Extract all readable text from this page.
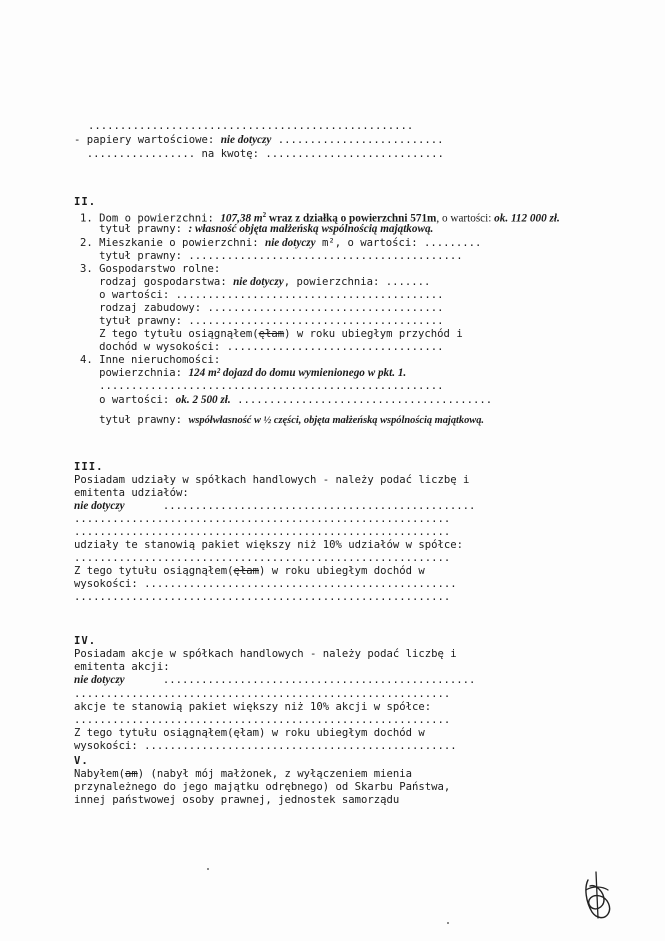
...................................................
- papiery wartościowe: nie dotyczy ..........................
................. na kwotę: ............................
II.
1. Dom o powierzchni: 107,38 $m^2$ wraz z działką o powierzchni 571m, o wartości: ok. 112 000 zł.
tytuł prawny: : własność objęta małżeńską wspólnością majątkową.
2. Mieszkanie o powierzchni: nie dotyczy m², o wartości: .........
tytuł prawny: ...........................................
3. Gospodarstwo rolne:
rodzaj gospodarstwa: nie dotyczy, powierzchnia: .......
o wartości: ..........................................
rodzaj zabudowy: .....................................
tytuł prawny: ........................................
Z tego tytułu osiągnąłem(ęłam) w roku ubiegłym przychód i
dochód w wysokości: ..................................
4. Inne nieruchomości:
powierzchnia: 124 m² dojazd do domu wymienionego w pkt. 1.
......................................................
o wartości: ok. 2 500 zł. ........................................
tytuł prawny: współwłasność w ½ części, objęta małżeńską wspólnością majątkową.
III.
Posiadam udziały w spółkach handlowych - należy podać liczbę i
emitenta udziałów:
nie dotyczy      .................................................
...........................................................
...........................................................
udziały te stanowią pakiet większy niż 10% udziałów w spółce:
...........................................................
Z tego tytułu osiągnąłem(ęłam) w roku ubiegłym dochód w
wysokości: .................................................
...........................................................
IV.
Posiadam akcje w spółkach handlowych - należy podać liczbę i
emitenta akcji:
nie dotyczy      .................................................
...........................................................
akcje te stanowią pakiet większy niż 10% akcji w spółce:
...........................................................
Z tego tytułu osiągnąłem(ęłam) w roku ubiegłym dochód w
wysokości: .................................................
V.
Nabyłem(am) (nabył mój małżonek, z wyłączeniem mienia
przynależnego do jego majątku odrębnego) od Skarbu Państwa,
innej państwowej osoby prawnej, jednostek samorządu
